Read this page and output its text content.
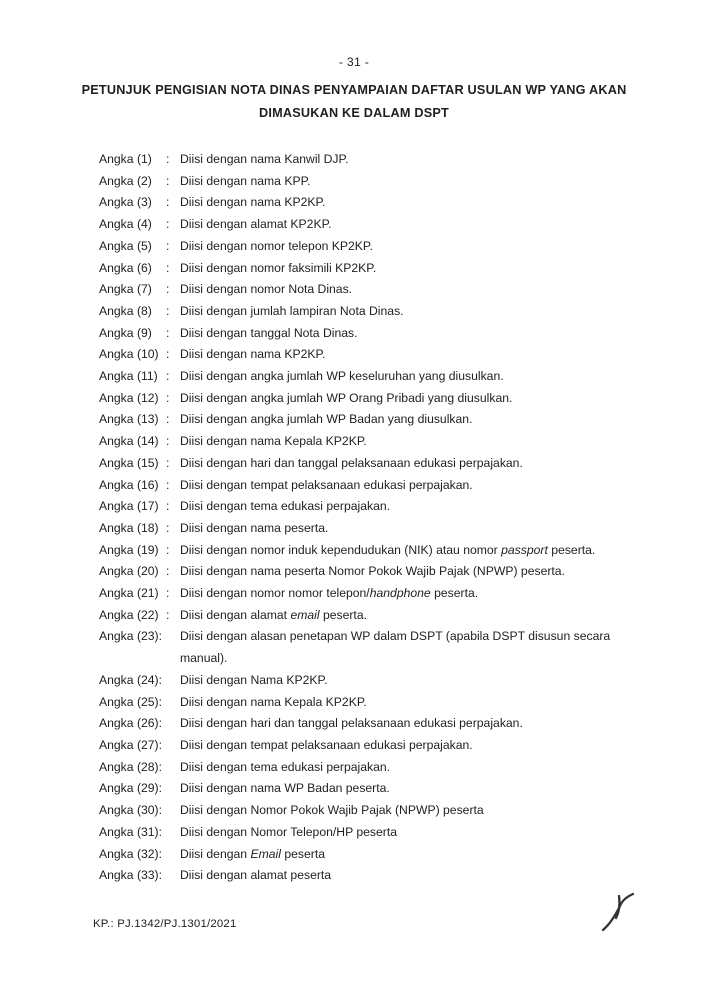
- 31 -
PETUNJUK PENGISIAN NOTA DINAS PENYAMPAIAN DAFTAR USULAN WP YANG AKAN
DIMASUKAN KE DALAM DSPT
Angka (1)	: Diisi dengan nama Kanwil DJP.
Angka (2)	: Diisi dengan nama KPP.
Angka (3)	: Diisi dengan nama KP2KP.
Angka (4)	: Diisi dengan alamat KP2KP.
Angka (5)	: Diisi dengan nomor telepon KP2KP.
Angka (6)	: Diisi dengan nomor faksimili KP2KP.
Angka (7)	: Diisi dengan nomor Nota Dinas.
Angka (8)	: Diisi dengan jumlah lampiran Nota Dinas.
Angka (9)	: Diisi dengan tanggal Nota Dinas.
Angka (10) : Diisi dengan nama KP2KP.
Angka (11) : Diisi dengan angka jumlah WP keseluruhan yang diusulkan.
Angka (12) : Diisi dengan angka jumlah WP Orang Pribadi yang diusulkan.
Angka (13) : Diisi dengan angka jumlah WP Badan yang diusulkan.
Angka (14) : Diisi dengan nama Kepala KP2KP.
Angka (15) : Diisi dengan hari dan tanggal pelaksanaan edukasi perpajakan.
Angka (16) : Diisi dengan tempat pelaksanaan edukasi perpajakan.
Angka (17) : Diisi dengan tema edukasi perpajakan.
Angka (18) : Diisi dengan nama peserta.
Angka (19) : Diisi dengan nomor induk kependudukan (NIK) atau nomor passport peserta.
Angka (20) : Diisi dengan nama peserta Nomor Pokok Wajib Pajak (NPWP) peserta.
Angka (21) : Diisi dengan nomor nomor telepon/handphone peserta.
Angka (22) : Diisi dengan alamat email peserta.
Angka (23):	Diisi dengan alasan penetapan WP dalam DSPT (apabila DSPT disusun secara manual).
Angka (24):	Diisi dengan Nama KP2KP.
Angka (25):	Diisi dengan nama Kepala KP2KP.
Angka (26):	Diisi dengan hari dan tanggal pelaksanaan edukasi perpajakan.
Angka (27):	Diisi dengan tempat pelaksanaan edukasi perpajakan.
Angka (28):	Diisi dengan tema edukasi perpajakan.
Angka (29):	Diisi dengan nama WP Badan peserta.
Angka (30):	Diisi dengan Nomor Pokok Wajib Pajak (NPWP) peserta
Angka (31):	Diisi dengan Nomor Telepon/HP peserta
Angka (32):	Diisi dengan Email peserta
Angka (33):	Diisi dengan alamat peserta
KP.: PJ.1342/PJ.1301/2021
